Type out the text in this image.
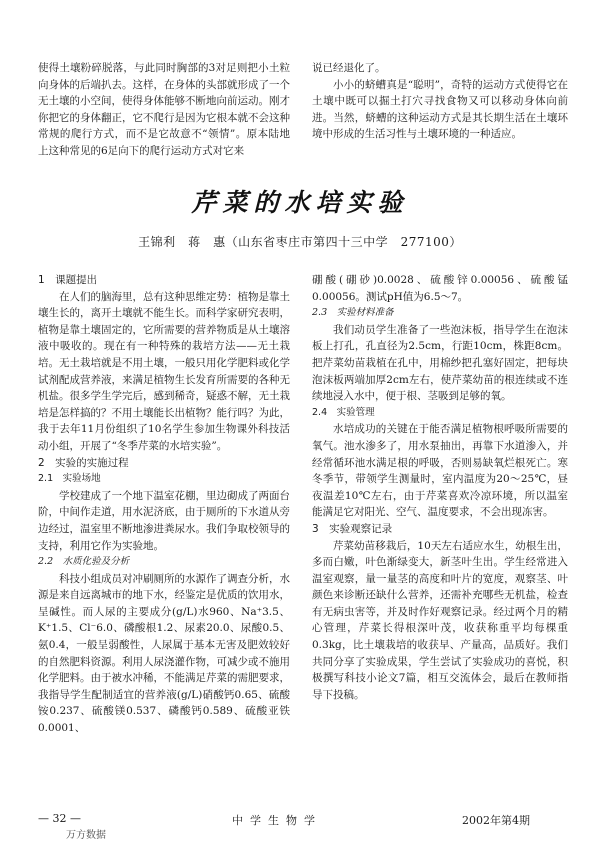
使得土壤粉碎脱落，与此同时胸部的3对足则把小土粒向身体的后端扒去。这样，在身体的头部就形成了一个无土壤的小空间，使得身体能够不断地向前运动。刚才你把它的身体翻正，它不爬行是因为它根本就不会这种常规的爬行方式，而不是它故意不“领情”。原本陆地上这种常见的6足向下的爬行运动方式对它来

说已经退化了。

小小的蛴螬真是“聪明”，奇特的运动方式使得它在土壤中既可以掘土打穴寻找食物又可以移动身体向前进。当然，蛴螬的这种运动方式是其长期生活在土壤环境中形成的生活习性与土壤环境的一种适应。

芹菜的水培实验
王锦利　蒋　惠（山东省枣庄市第四十三中学　277100）
1　课题提出

在人们的脑海里，总有这种思维定势：植物是靠土壤生长的，离开土壤就不能生长。而科学家研究表明，植物是靠土壤固定的，它所需要的营养物质是从土壤溶液中吸收的。现在有一种特殊的栽培方法——无土栽培。无土栽培就是不用土壤，一般只用化学肥料或化学试剂配成营养液，来满足植物生长发育所需要的各种无机盐。很多学生学完后，感到稀奇，疑惑不解，无土栽培是怎样搞的？不用土壤能长出植物？能行吗？为此，我于去年11月份组织了10名学生参加生物课外科技活动小组，开展了“冬季芹菜的水培实验”。

2　实验的实施过程
2.1　实验场地

学校建成了一个地下温室花棚，里边砌成了两面台阶，中间作走道，用水泥济底，由于厕所的下水道从旁边经过，温室里不断地渗进粪尿水。我们争取校领导的支持，利用它作为实验地。

2.2　水质化验及分析

科技小组成员对冲刷厕所的水源作了调查分析，水源是来自远离城市的地下水，经鉴定是优质的饮用水，呈碱性。而人尿的主要成分(g/L)水960、Na⁺3.5、K⁺1.5、Cl⁻6.0、磷酸根1.2、尿素20.0、尿酸0.5、氨0.4，一般呈弱酸性，人尿属于基本无害及肥效较好的自然肥料资源。利用人尿浇灌作物，可减少或不施用化学肥料。由于被水冲稀，不能满足芹菜的需肥要求，我指导学生配制适宜的营养液(g/L)硝酸钙0.65、硫酸铵0.237、硫酸镁0.537、磷酸钙0.589、硫酸亚铁0.0001、

硼酸(硼砂)0.0028、硫酸锌0.00056、硫酸锰0.00056。测试pH值为6.5～7。

2.3　实验材料准备

我们动员学生准备了一些泡沫板，指导学生在泡沫板上打孔，孔直径为2.5cm，行距10cm，株距8cm。把芹菜幼苗栽植在孔中，用棉纱把孔塞好固定，把每块泡沫板两端加厚2cm左右，使芹菜幼苗的根连续或不连续地浸入水中，便于根、茎吸到足够的氧。

2.4　实验管理

水培成功的关键在于能否满足植物根呼吸所需要的氧气。池水渗多了，用水泵抽出，再靠下水道渗入，并经常循环池水满足根的呼吸，否则易缺氧烂根死亡。寒冬季节，带领学生测量时，室内温度为20～25℃，昼夜温差10℃左右，由于芹菜喜欢冷凉环境，所以温室能满足它对阳光、空气、温度要求，不会出现冻害。

3　实验观察记录

芹菜幼苗移栽后，10天左右适应水生，幼根生出，多而白嫩，叶色渐绿变大，新茎叶生出。学生经常进入温室观察，量一量茎的高度和叶片的宽度，观察茎、叶颜色来诊断还缺什么营养，还需补充哪些无机盐，检查有无病虫害等，并及时作好观察记录。经过两个月的精心管理，芹菜长得根深叶茂，收获称重平均每棵重0.3kg，比土壤栽培的收获早、产量高，品质好。我们共同分享了实验成果，学生尝试了实验成功的喜悦，积极撰写科技小论文7篇，相互交流体会，最后在教师指导下投稿。

— 32 —	中学生物学	2002年第4期
万方数据
